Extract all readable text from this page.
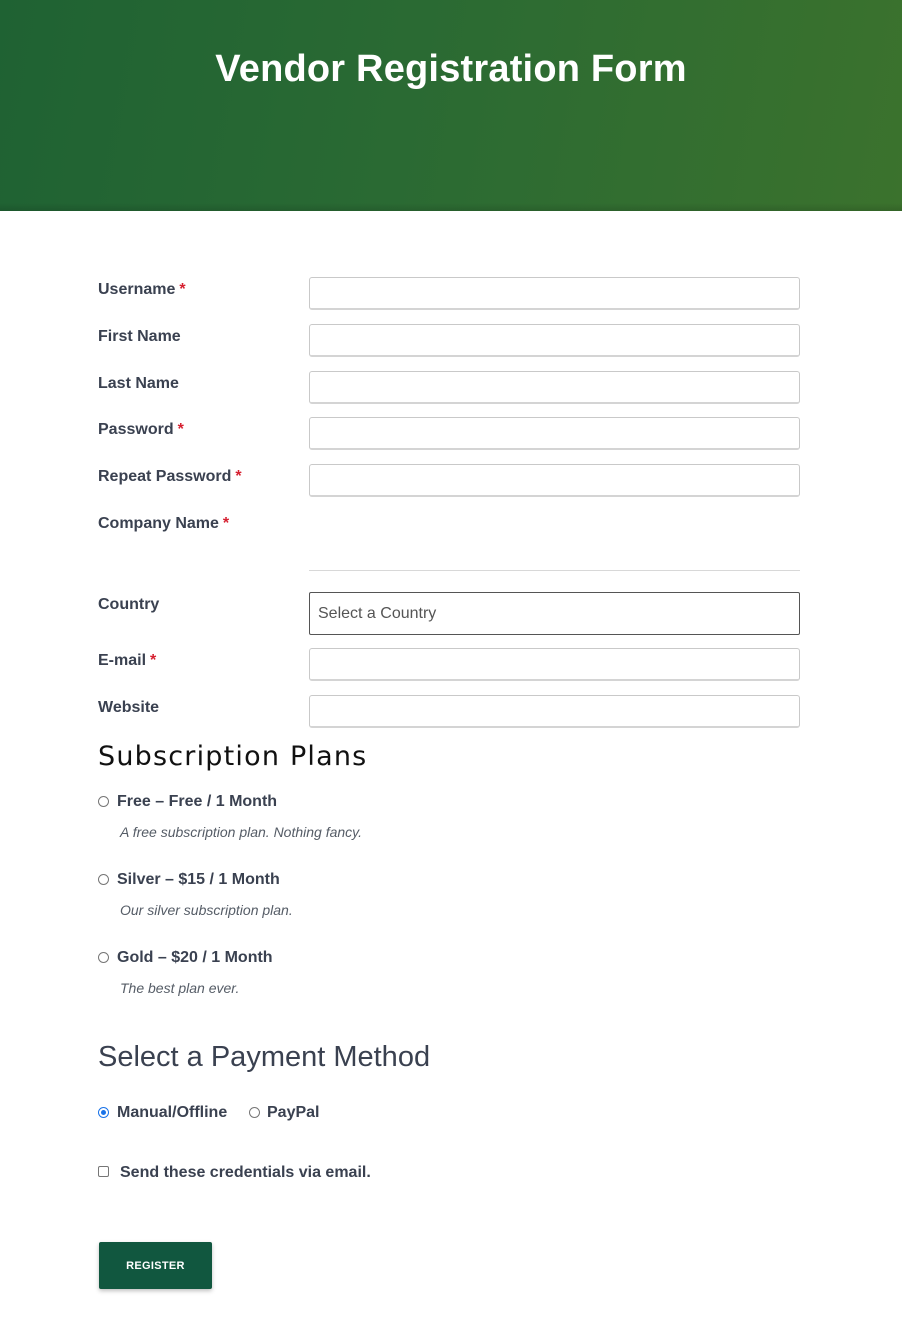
Vendor Registration Form
Username *
First Name
Last Name
Password *
Repeat Password *
Company Name *
Country
Select a Country
E-mail *
Website
Subscription Plans
Free – Free / 1 Month
A free subscription plan. Nothing fancy.
Silver – $15 / 1 Month
Our silver subscription plan.
Gold – $20 / 1 Month
The best plan ever.
Select a Payment Method
Manual/Offline PayPal
Send these credentials via email.
REGISTER
